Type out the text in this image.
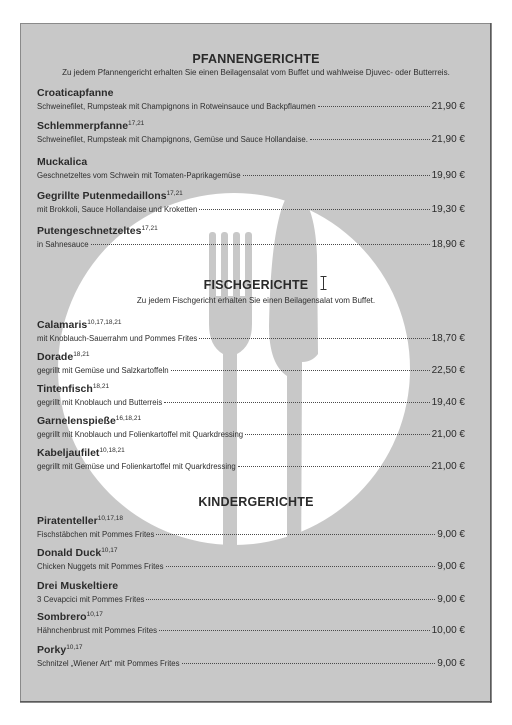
PFANNENGERICHTE
Zu jedem Pfannengericht erhalten Sie einen Beilagensalat vom Buffet und wahlweise Djuvec- oder Butterreis.
Croaticapfanne
Schweinefilet, Rumpsteak mit Champignons in Rotweinsauce und Backpflaumen	21,90 €
Schlemmerpfanne$^{17,21}$
Schweinefilet, Rumpsteak mit Champignons, Gemüse und Sauce Hollandaise.	21,90 €
Muckalica
Geschnetzeltes vom Schwein mit Tomaten-Paprikagemüse	19,90 €
Gegrillte Putenmedaillons$^{17,21}$
mit Brokkoli, Sauce Hollandaise und Kroketten	19,30 €
Putengeschnetzeltes$^{17,21}$
in Sahnesauce	18,90 €
FISCHGERICHTE
Zu jedem Fischgericht erhalten Sie einen Beilagensalat vom Buffet.
Calamaris$^{10,17,18,21}$
mit Knoblauch-Sauerrahm und Pommes Frites	18,70 €
Dorade$^{18,21}$
gegrillt mit Gemüse und Salzkartoffeln	22,50 €
Tintenfisch$^{18,21}$
gegrillt mit Knoblauch und Butterreis	19,40 €
Garnelenspieße$^{16,18,21}$
gegrillt mit Knoblauch und Folienkartoffel mit Quarkdressing	21,00 €
Kabeljaufilet$^{10,18,21}$
gegrillt mit Gemüse und Folienkartoffel mit Quarkdressing	21,00 €
KINDERGERICHTE
Piratenteller$^{10,17,18}$
Fischstäbchen mit Pommes Frites	9,00 €
Donald Duck$^{10,17}$
Chicken Nuggets mit Pommes Frites	9,00 €
Drei Muskeltiere
3 Cevapcici mit Pommes Frites	9,00 €
Sombrero$^{10,17}$
Hähnchenbrust mit Pommes Frites	10,00 €
Porky$^{10,17}$
Schnitzel „Wiener Art“ mit Pommes Frites	9,00 €
